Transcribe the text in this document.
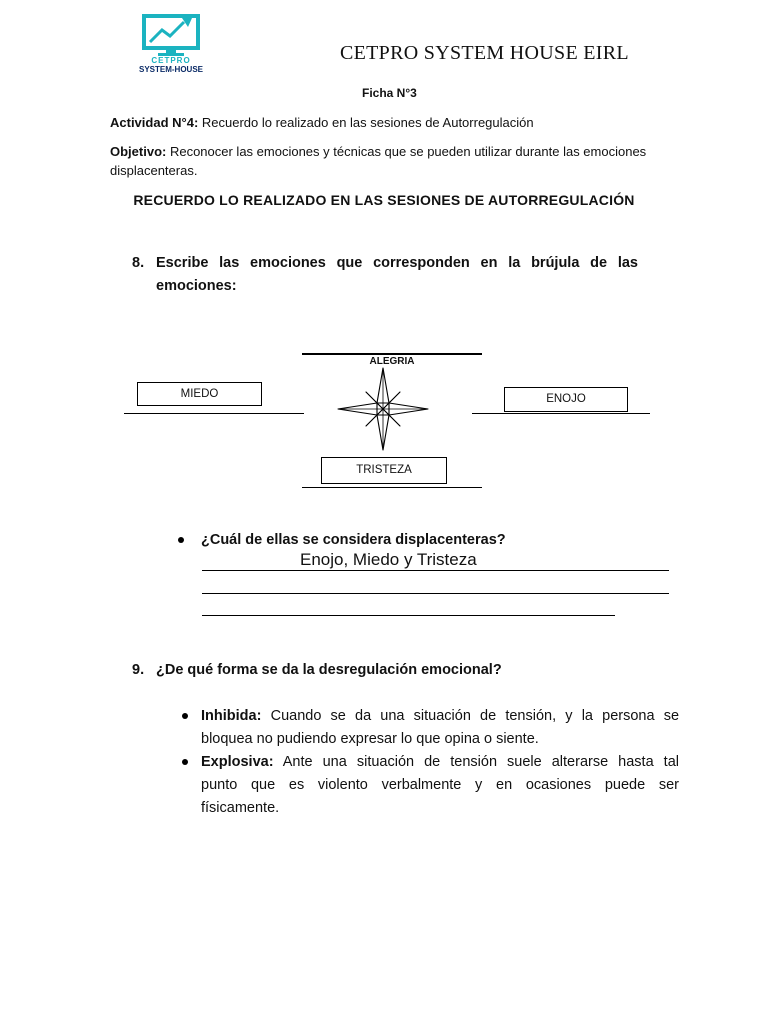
CETPRO
SYSTEM-HOUSE
CETPRO SYSTEM HOUSE EIRL
Ficha N°3
Actividad N°4: Recuerdo lo realizado en las sesiones de Autorregulación
Objetivo: Reconocer las emociones y técnicas que se pueden utilizar durante las emociones
displacenteras.
RECUERDO LO REALIZADO EN LAS SESIONES DE AUTORREGULACIÓN
8. Escribe las emociones que corresponden en la brújula de las
emociones:
ALEGRIA
MIEDO	ENOJO
TRISTEZA
¿Cuál de ellas se considera displacenteras?
Enojo, Miedo y Tristeza
9. ¿De qué forma se da la desregulación emocional?
Inhibida: Cuando se da una situación de tensión, y la persona se
bloquea no pudiendo expresar lo que opina o siente.
Explosiva: Ante una situación de tensión suele alterarse hasta tal
punto que es violento verbalmente y en ocasiones puede ser
físicamente.
